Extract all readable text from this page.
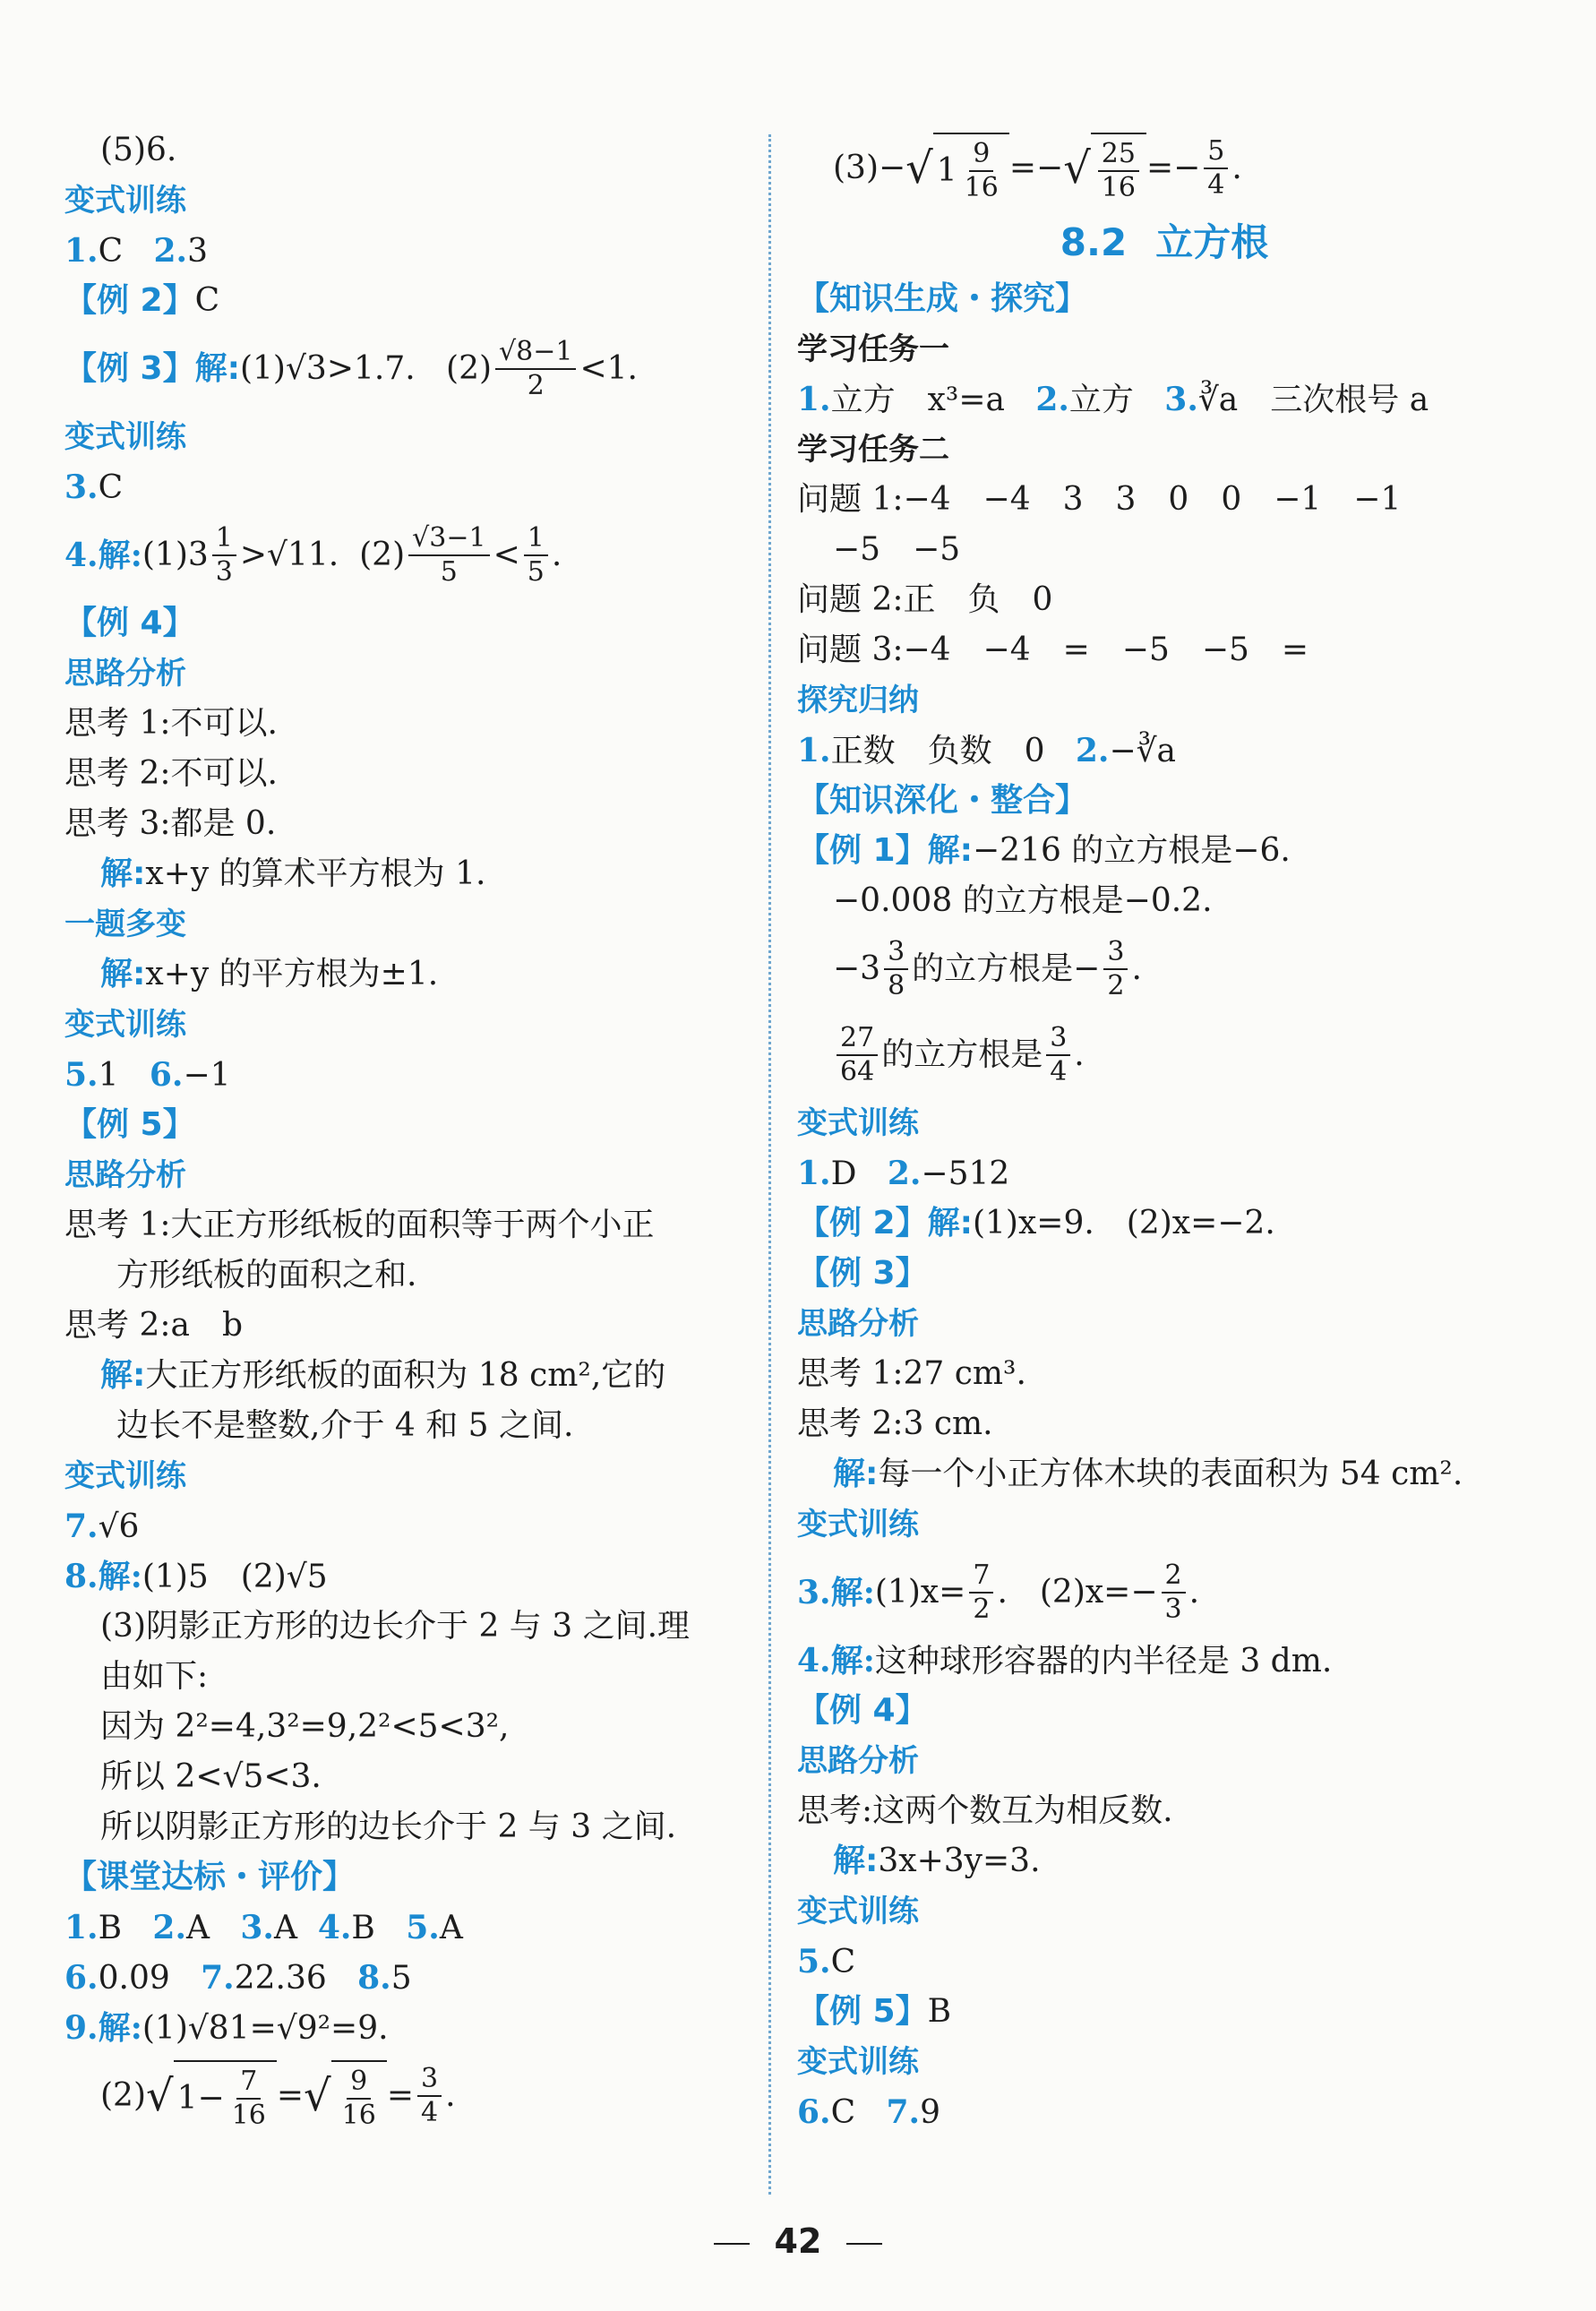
(5)6.
变式训练
1.C 2.3
【例 2】C
【例 3】解: (1)√3>1.7.
$(2) \frac{√8-1}{2} <1$.
变式训练
3.C
4.解: $(1)3 \frac{1}{3} >√11$.
$(2) \frac{√3-1}{5} < \frac{1}{5}$ .
【例 4】
思路分析
思考 1:不可以.
思考 2:不可以.
思考 3:都是 0.
解:x+y 的算术平方根为 1.
一题多变
解:x+y 的平方根为±1.
变式训练
5.1 6.−1
【例 5】
思路分析
思考 1:大正方形纸板的面积等于两个小正
方形纸板的面积之和.
思考 2:a　b
解:大正方形纸板的面积为 18 cm²,它的
边长不是整数,介于 4 和 5 之间.
变式训练
7.√6
8.解:(1)5　(2)√5
(3)阴影正方形的边长介于 2 与 3 之间.理
由如下:
因为 2²=4,3²=9,2²<5<3²,
所以 2<√5<3.
所以阴影正方形的边长介于 2 与 3 之间.
【课堂达标・评价】
1.B 2.A 3.A 4.B 5.A
6.0.09 7.22.36 8.5
9.解:(1)√81=√9²=9.
(2) √ $1- \frac{7}{16}$ = √ $\frac{9}{16} = \frac{3}{4}$ .
(3)− √ $1 \frac{9}{16}$ =− √ $\frac{25}{16} =- \frac{5}{4}$ .
8.2 立方根
【知识生成・探究】
学习任务一
1.立方　x³=a 2.立方 3.∛a　三次根号 a
学习任务二
问题 1:−4　−4　3　3　0　0　−1　−1
−5　−5
问题 2:正　负　0
问题 3:−4　−4　=　−5　−5　=
探究归纳
1.正数　负数　0 2.−∛a
【知识深化・整合】
【例 1】解:−216 的立方根是−6.
−0.008 的立方根是−0.2.
$-3 \frac{3}{8}$ 的立方根是− $\frac{3}{2}$ .
$\frac{27}{64}$ 的立方根是 $\frac{3}{4}$ .
变式训练
1.D 2.−512
【例 2】解:(1)x=9.　(2)x=−2.
【例 3】
思路分析
思考 1:27 cm³.
思考 2:3 cm.
解:每一个小正方体木块的表面积为 54 cm².
变式训练
3.解: $(1)x= \frac{7}{2}$ .　$(2)x=- \frac{2}{3}$ .
4.解:这种球形容器的内半径是 3 dm.
【例 4】
思路分析
思考:这两个数互为相反数.
解:3x+3y=3.
变式训练
5.C
【例 5】B
变式训练
6.C 7.9
42
